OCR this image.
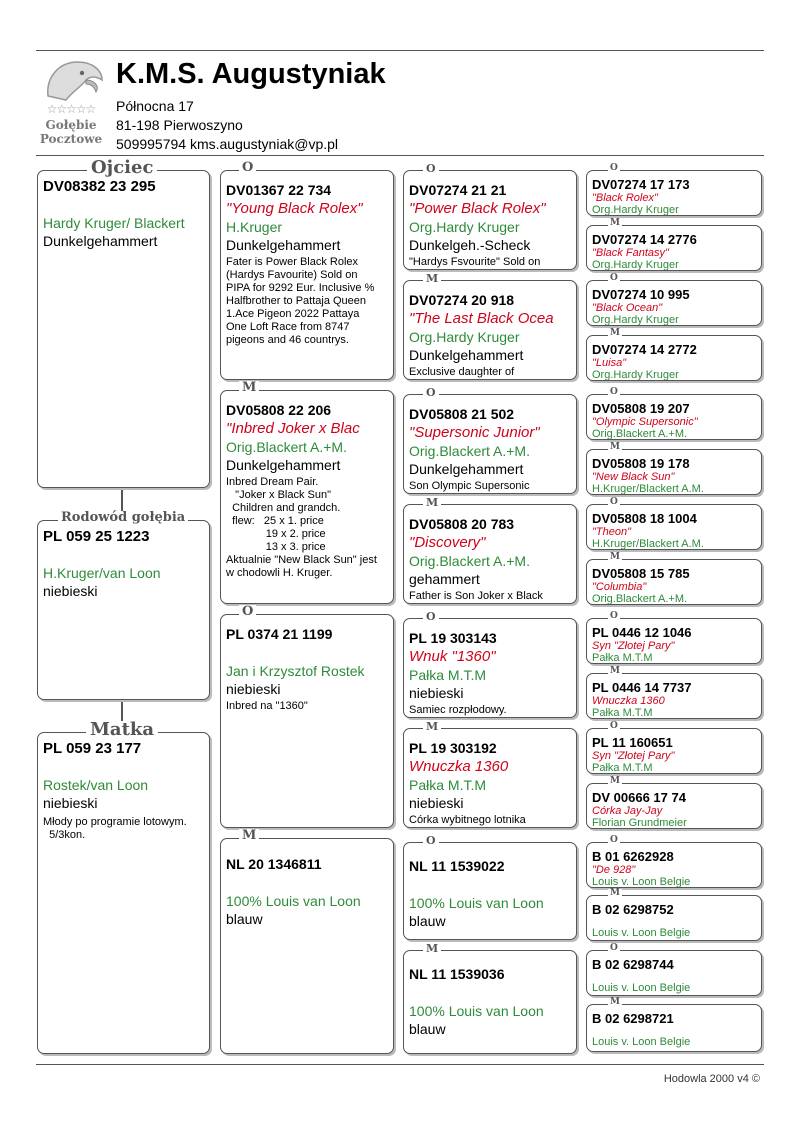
☆☆☆☆☆
Gołębie
Pocztowe
K.M.S. Augustyniak
Północna 17
81-198 Pierwoszyno
509995794 kms.augustyniak@vp.pl
DV08382 23 295
Hardy Kruger/ Blackert
Dunkelgehammert
Ojciec
PL 059 25 1223
H.Kruger/van Loon
niebieski
Rodowód gołębia
PL 059 23 177
Rostek/van Loon
niebieski
Młody po programie lotowym.
5/3kon.
Matka
DV01367 22 734
"Young Black Rolex"
H.Kruger
Dunkelgehammert
Fater is Power Black Rolex
(Hardys Favourite) Sold on
PIPA for 9292 Eur. Inclusive %
Halfbrother to Pattaja Queen
1.Ace Pigeon 2022 Pattaya
One Loft Race from 8747
pigeons and 46 countrys.
O
DV05808 22 206
"Inbred Joker x Blac
Orig.Blackert A.+M.
Dunkelgehammert
Inbred Dream Pair.
"Joker x Black Sun"
Children and grandch.
flew:   25 x 1. price
19 x 2. price
13 x 3. price
Aktualnie "New Black Sun" jest
w chodowli H. Kruger.
M
PL 0374 21 1199
Jan i Krzysztof Rostek
niebieski
Inbred na "1360"
O
NL 20 1346811
100% Louis van Loon
blauw
M
DV07274 21 21
"Power Black Rolex"
Org.Hardy Kruger
Dunkelgeh.-Scheck
"Hardys Fsvourite" Sold on
O
DV07274 20 918
"The Last Black Ocea
Org.Hardy Kruger
Dunkelgehammert
Exclusive daughter of
M
DV05808 21 502
"Supersonic Junior"
Orig.Blackert A.+M.
Dunkelgehammert
Son Olympic Supersonic
O
DV05808 20 783
"Discovery"
Orig.Blackert A.+M.
gehammert
Father is Son Joker x Black
M
PL 19 303143
Wnuk "1360"
Pałka M.T.M
niebieski
Samiec rozpłodowy.
O
PL 19 303192
Wnuczka 1360
Pałka M.T.M
niebieski
Córka wybitnego lotnika
M
NL 11 1539022
100% Louis van Loon
blauw
O
NL 11 1539036
100% Louis van Loon
blauw
M
DV07274 17 173
"Black Rolex"
Org.Hardy Kruger
O
DV07274 14 2776
"Black Fantasy"
Org.Hardy Kruger
M
DV07274 10 995
"Black Ocean"
Org.Hardy Kruger
O
DV07274 14 2772
"Luisa"
Org.Hardy Kruger
M
DV05808 19 207
"Olympic Supersonic"
Orig.Blackert A.+M.
O
DV05808 19 178
"New Black Sun"
H.Kruger/Blackert A.M.
M
DV05808 18 1004
"Theon"
H.Kruger/Blackert A.M.
O
DV05808 15 785
"Columbia"
Orig.Blackert A.+M.
M
PL 0446 12 1046
Syn "Złotej Pary"
Pałka M.T.M
O
PL 0446 14 7737
Wnuczka 1360
Pałka M.T.M
M
PL 11 160651
Syn "Złotej Pary"
Pałka M.T.M
O
DV 00666 17 74
Córka Jay-Jay
Florian Grundmeier
M
B 01 6262928
"De 928"
Louis v. Loon Belgie
O
B 02 6298752
Louis v. Loon Belgie
M
B 02 6298744
Louis v. Loon Belgie
O
B 02 6298721
Louis v. Loon Belgie
M
Hodowla 2000 v4 ©
